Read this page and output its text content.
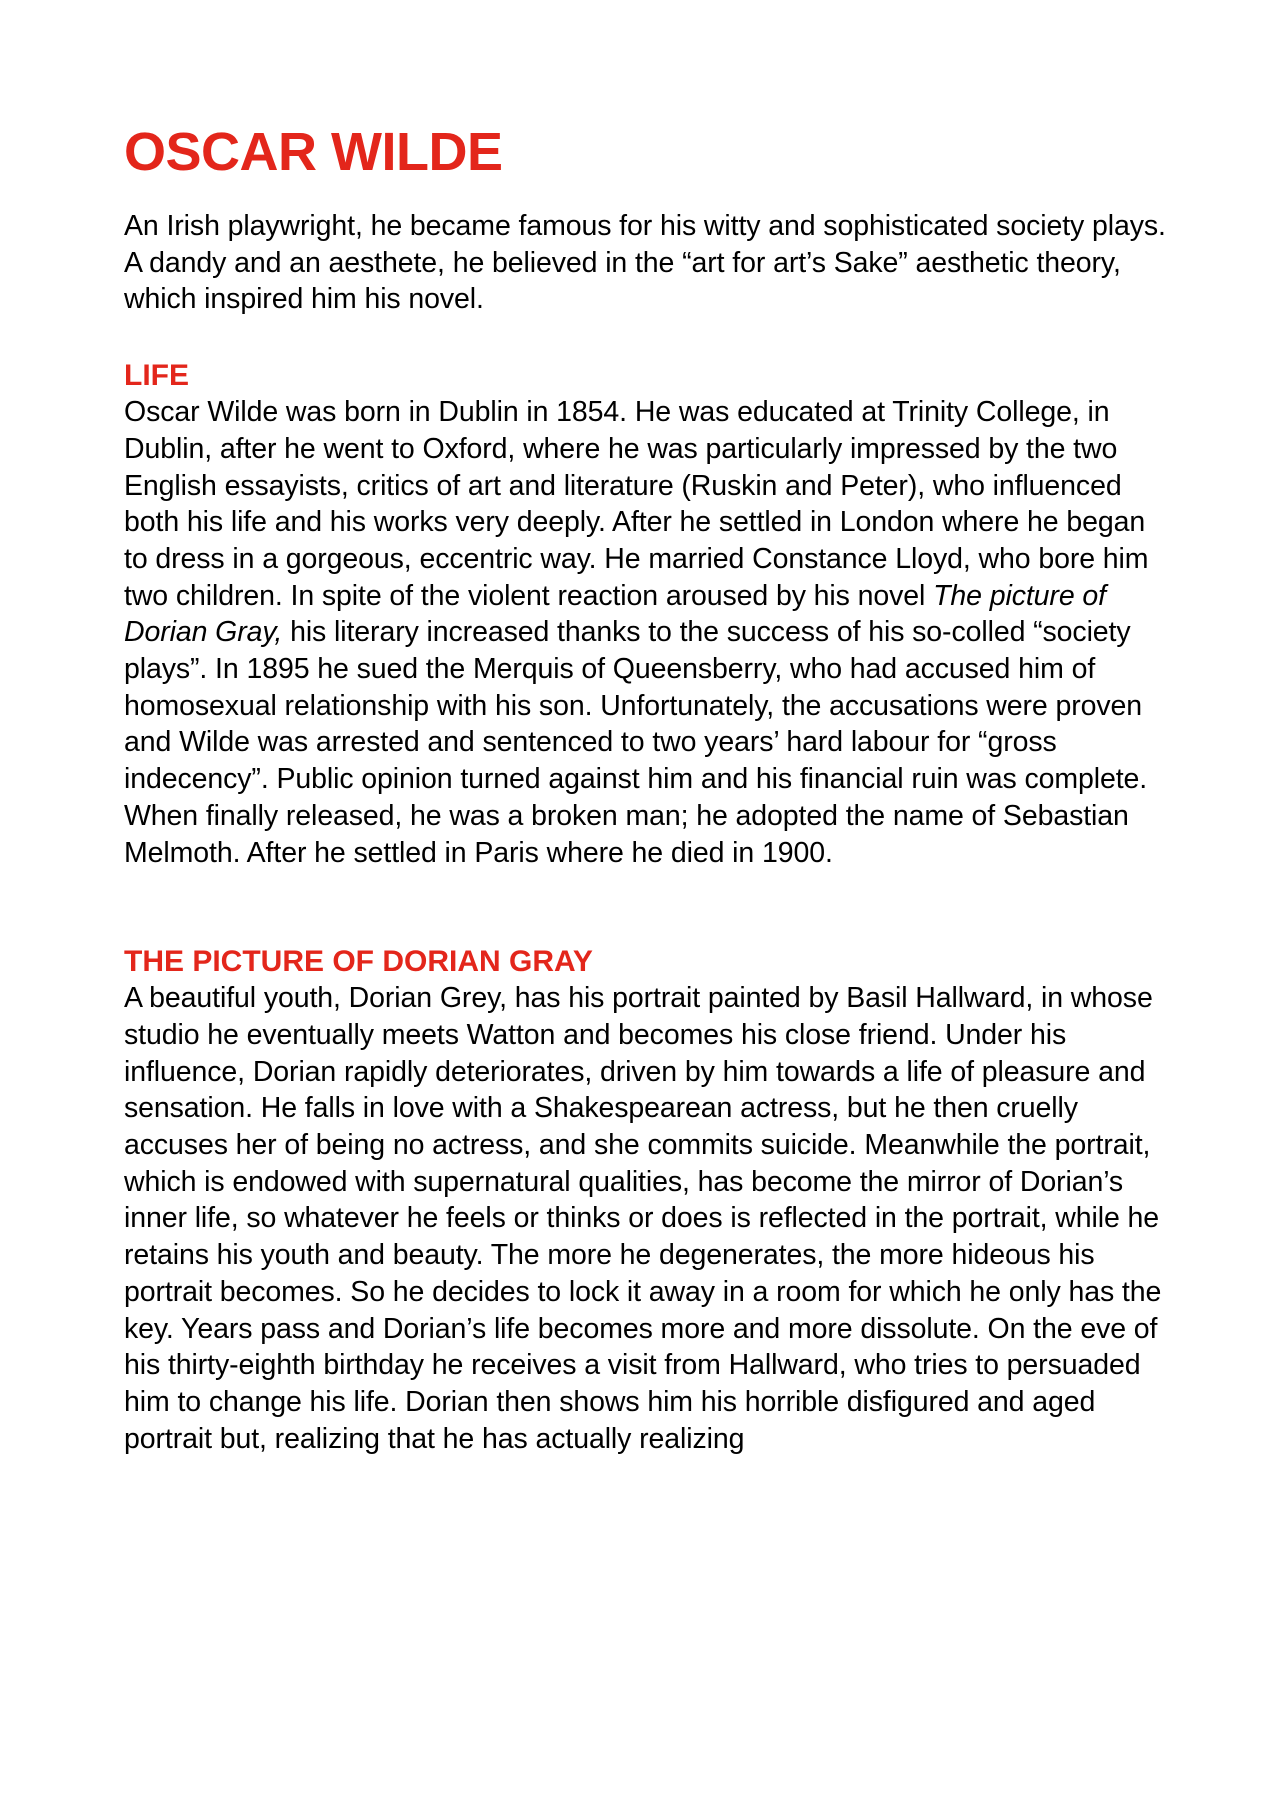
OSCAR WILDE

An Irish playwright, he became famous for his witty and sophisticated society plays. A dandy and an aesthete, he believed in the “art for art’s Sake” aesthetic theory, which inspired him his novel.

LIFE

Oscar Wilde was born in Dublin in 1854. He was educated at Trinity College, in Dublin, after he went to Oxford, where he was particularly impressed by the two English essayists, critics of art and literature (Ruskin and Peter), who influenced both his life and his works very deeply. After he settled in London where he began to dress in a gorgeous, eccentric way. He married Constance Lloyd, who bore him two children. In spite of the violent reaction aroused by his novel The picture of Dorian Gray, his literary increased thanks to the success of his so-colled “society plays”. In 1895 he sued the Merquis of Queensberry, who had accused him of homosexual relationship with his son. Unfortunately, the accusations were proven and Wilde was arrested and sentenced to two years’ hard labour for “gross indecency”. Public opinion turned against him and his financial ruin was complete. When finally released, he was a broken man; he adopted the name of Sebastian Melmoth. After he settled in Paris where he died in 1900.

THE PICTURE OF DORIAN GRAY

A beautiful youth, Dorian Grey, has his portrait painted by Basil Hallward, in whose studio he eventually meets Watton and becomes his close friend. Under his influence, Dorian rapidly deteriorates, driven by him towards a life of pleasure and sensation. He falls in love with a Shakespearean actress, but he then cruelly accuses her of being no actress, and she commits suicide. Meanwhile the portrait, which is endowed with supernatural qualities, has become the mirror of Dorian’s inner life, so whatever he feels or thinks or does is reflected in the portrait, while he retains his youth and beauty. The more he degenerates, the more hideous his portrait becomes. So he decides to lock it away in a room for which he only has the key. Years pass and Dorian’s life becomes more and more dissolute. On the eve of his thirty-eighth birthday he receives a visit from Hallward, who tries to persuaded him to change his life. Dorian then shows him his horrible disfigured and aged portrait but, realizing that he has actually realizing
